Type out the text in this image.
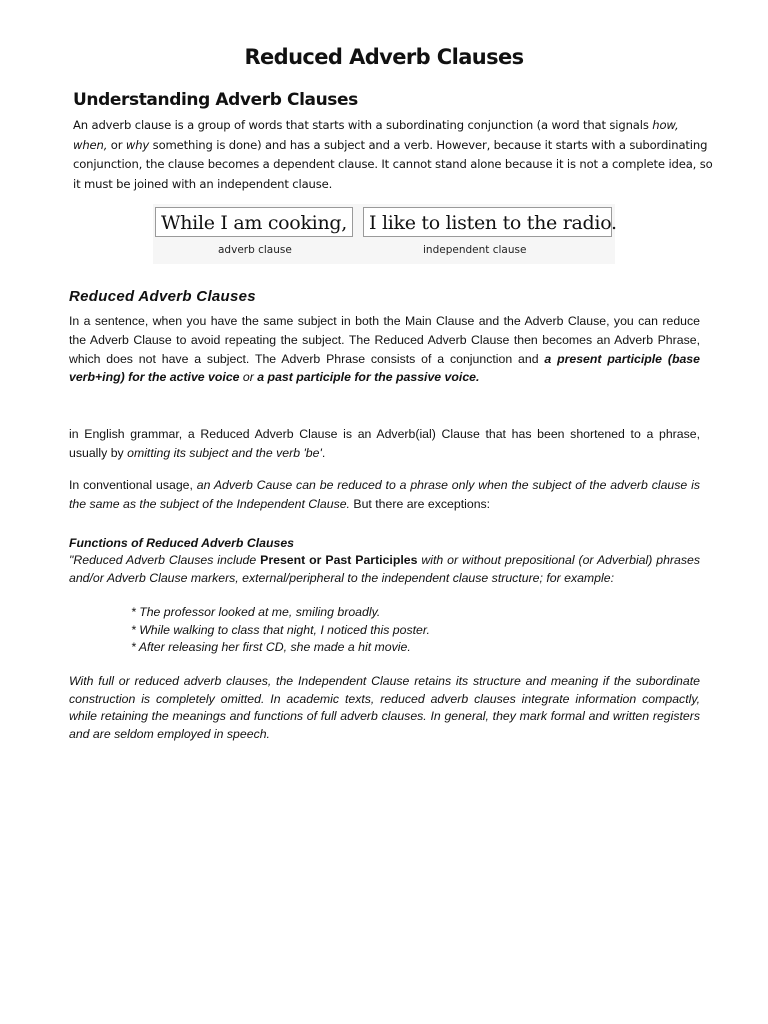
Reduced Adverb Clauses
Understanding Adverb Clauses
An adverb clause is a group of words that starts with a subordinating conjunction (a word that signals how, when, or why something is done) and has a subject and a verb. However, because it starts with a subordinating conjunction, the clause becomes a dependent clause. It cannot stand alone because it is not a complete idea, so it must be joined with an independent clause.
While I am cooking,	I like to listen to the radio.
adverb clause	independent clause
Reduced Adverb Clauses
In a sentence, when you have the same subject in both the Main Clause and the Adverb Clause, you can reduce the Adverb Clause to avoid repeating the subject. The Reduced Adverb Clause then becomes an Adverb Phrase, which does not have a subject. The Adverb Phrase consists of a conjunction and a present participle (base verb+ing) for the active voice or a past participle for the passive voice.
in English grammar, a Reduced Adverb Clause is an Adverb(ial) Clause that has been shortened to a phrase, usually by omitting its subject and the verb 'be'.
In conventional usage, an Adverb Cause can be reduced to a phrase only when the subject of the adverb clause is the same as the subject of the Independent Clause. But there are exceptions:
Functions of Reduced Adverb Clauses
"Reduced Adverb Clauses include Present or Past Participles with or without prepositional (or Adverbial) phrases and/or Adverb Clause markers, external/peripheral to the independent clause structure; for example:
* The professor looked at me, smiling broadly.
* While walking to class that night, I noticed this poster.
* After releasing her first CD, she made a hit movie.
With full or reduced adverb clauses, the Independent Clause retains its structure and meaning if the subordinate construction is completely omitted. In academic texts, reduced adverb clauses integrate information compactly, while retaining the meanings and functions of full adverb clauses. In general, they mark formal and written registers and are seldom employed in speech.
